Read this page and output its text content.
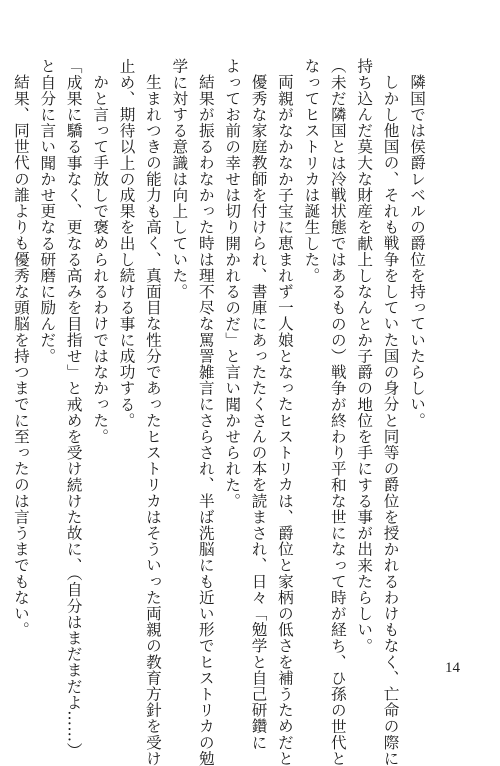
隣国では侯爵レベルの爵位を持っていたらしい。
しかし他国の、それも戦争をしていた国の身分と同等の爵位を授かれるわけもなく、亡命の際に
持ち込んだ莫大な財産を献上しなんとか子爵の地位を手にする事が出来たらしい。
（未だ隣国とは冷戦状態ではあるものの）戦争が終わり平和な世になって時が経ち、ひ孫の世代と
なってヒストリカは誕生した。
両親がなかなか子宝に恵まれず一人娘となったヒストリカは、爵位と家柄の低さを補うためだと
優秀な家庭教師を付けられ、書庫にあったたくさんの本を読まされ、日々「勉学と自己研鑽に
よってお前の幸せは切り開かれるのだ」と言い聞かせられた。
結果が振るわなかった時は理不尽な罵詈雑言にさらされ、半ば洗脳にも近い形でヒストリカの勉
学に対する意識は向上していた。
生まれつきの能力も高く、真面目な性分であったヒストリカはそういった両親の教育方針を受け
止め、期待以上の成果を出し続ける事に成功する。
かと言って手放しで褒められるわけではなかった。
「成果に驕る事なく、更なる高みを目指せ」と戒めを受け続けた故に、（自分はまだまだよ……）
と自分に言い聞かせ更なる研磨に励んだ。
結果、同世代の誰よりも優秀な頭脳を持つまでに至ったのは言うまでもない。
14
